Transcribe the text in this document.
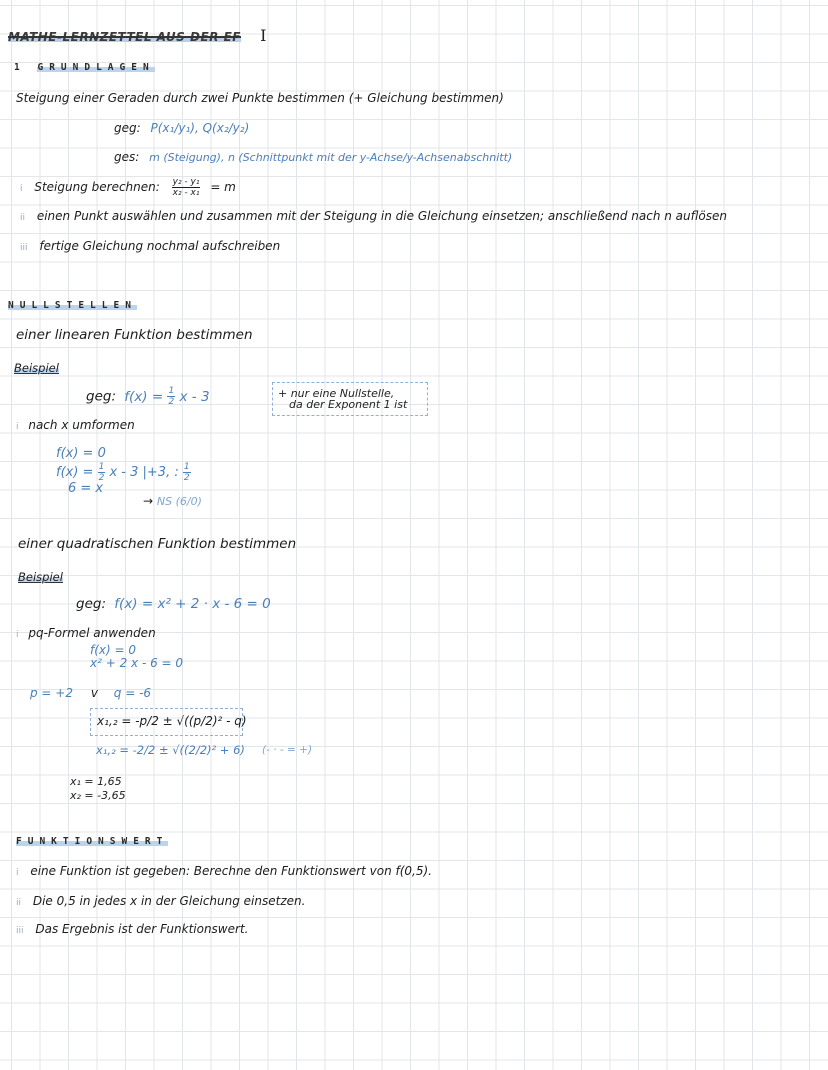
MATHE-LERNZETTEL AUS DER EF I
1 GRUNDLAGEN
Steigung einer Geraden durch zwei Punkte bestimmen (+ Gleichung bestimmen)
geg: P(x₁/y₁), Q(x₂/y₂)
ges: m (Steigung), n (Schnittpunkt mit der y-Achse/y-Achsenabschnitt)
i Steigung berechnen: $\frac{\text{y₂ - y₁}}{\text{x₂ - x₁}} = m$
ii einen Punkt auswählen und zusammen mit der Steigung in die Gleichung einsetzen; anschließend nach n auflösen
iii fertige Gleichung nochmal aufschreiben
NULLSTELLEN
einer linearen Funktion bestimmen
Beispiel
geg: $f(x) = \frac{1}{2}$ x - 3	+ nur eine Nullstelle,
da der Exponent 1 ist
i nach x umformen
f(x) = 0
$f(x) = \frac{1}{2}$ x - 3 |+3, : $\frac{1}{2}$
6 = x
→ NS (6/0)
einer quadratischen Funktion bestimmen
Beispiel
geg: f(x) = x² + 2 · x - 6 = 0
i pq-Formel anwenden
f(x) = 0
x² + 2 x - 6 = 0
p = +2 v q = -6
x₁,₂ = -p/2 ± √((p/2)² - q)
x₁,₂ = -2/2 ± √((2/2)² + 6) (- · - = +)
x₁ = 1,65
x₂ = -3,65
FUNKTIONSWERT
i eine Funktion ist gegeben: Berechne den Funktionswert von f(0,5).
ii Die 0,5 in jedes x in der Gleichung einsetzen.
iii Das Ergebnis ist der Funktionswert.
